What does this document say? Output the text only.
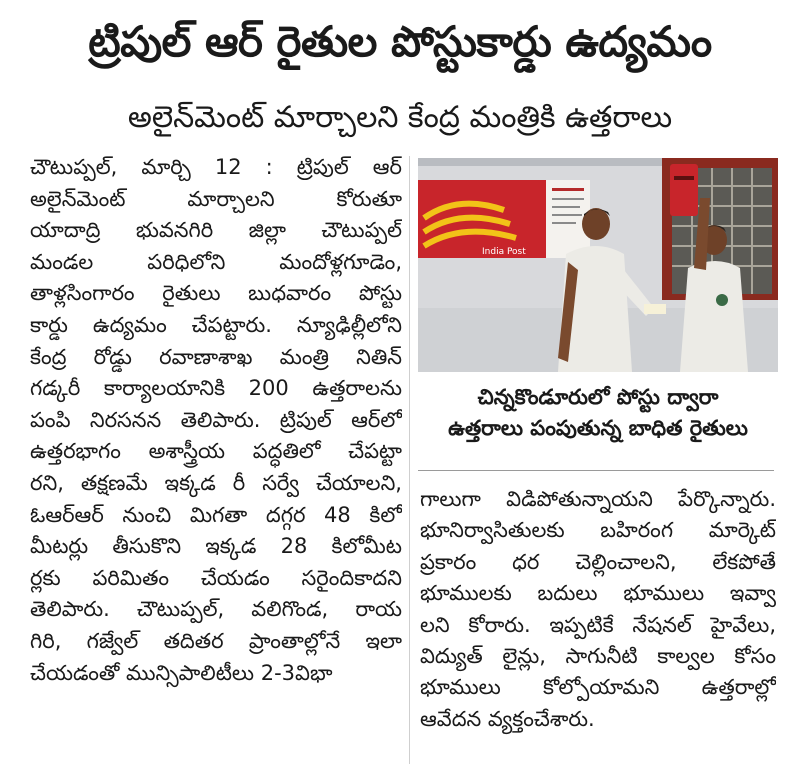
ట్రిపుల్ ఆర్ రైతుల పోస్టుకార్డు ఉద్యమం
అలైన్‌మెంట్ మార్చాలని కేంద్ర మంత్రికి ఉత్తరాలు
చౌటుప్పల్, మార్చి 12 : ట్రిపుల్ ఆర్
అలైన్‌మెంట్ మార్చాలని కోరుతూ
యాదాద్రి భువనగిరి జిల్లా చౌటుప్పల్
మండల పరిధిలోని మందోళ్లగూడెం,
తాళ్లసింగారం రైతులు బుధవారం పోస్టు
కార్డు ఉద్యమం చేపట్టారు. న్యూఢిల్లీలోని
కేంద్ర రోడ్డు రవాణాశాఖ మంత్రి నితిన్
గడ్కరీ కార్యాలయానికి 200 ఉత్తరాలను
పంపి నిరసనన తెలిపారు. ట్రిపుల్ ఆర్‌లో
ఉత్తరభాగం అశాస్త్రీయ పద్ధతిలో చేపట్టా
రని, తక్షణమే ఇక్కడ రీ సర్వే చేయాలని,
ఓఆర్ఆర్ నుంచి మిగతా దగ్గర 48 కిలో
మీటర్లు తీసుకొని ఇక్కడ 28 కిలోమీట
ర్లకు పరిమితం చేయడం సరైందికాదని
తెలిపారు. చౌటుప్పల్, వలిగొండ, రాయ
గిరి, గజ్వేల్ తదితర ప్రాంతాల్లోనే ఇలా
చేయడంతో మున్సిపాలిటీలు 2-3విభా
India Post
చిన్నకొండూరులో పోస్టు ద్వారా
ఉత్తరాలు పంపుతున్న బాధిత రైతులు
గాలుగా విడిపోతున్నాయని పేర్కొన్నారు.
భూనిర్వాసితులకు బహిరంగ మార్కెట్
ప్రకారం ధర చెల్లించాలని, లేకపోతే
భూములకు బదులు భూములు ఇవ్వా
లని కోరారు. ఇప్పటికే నేషనల్ హైవేలు,
విద్యుత్ లైన్లు, సాగునీటి కాల్వల కోసం
భూములు కోల్పోయామని ఉత్తరాల్లో
ఆవేదన వ్యక్తంచేశారు.
